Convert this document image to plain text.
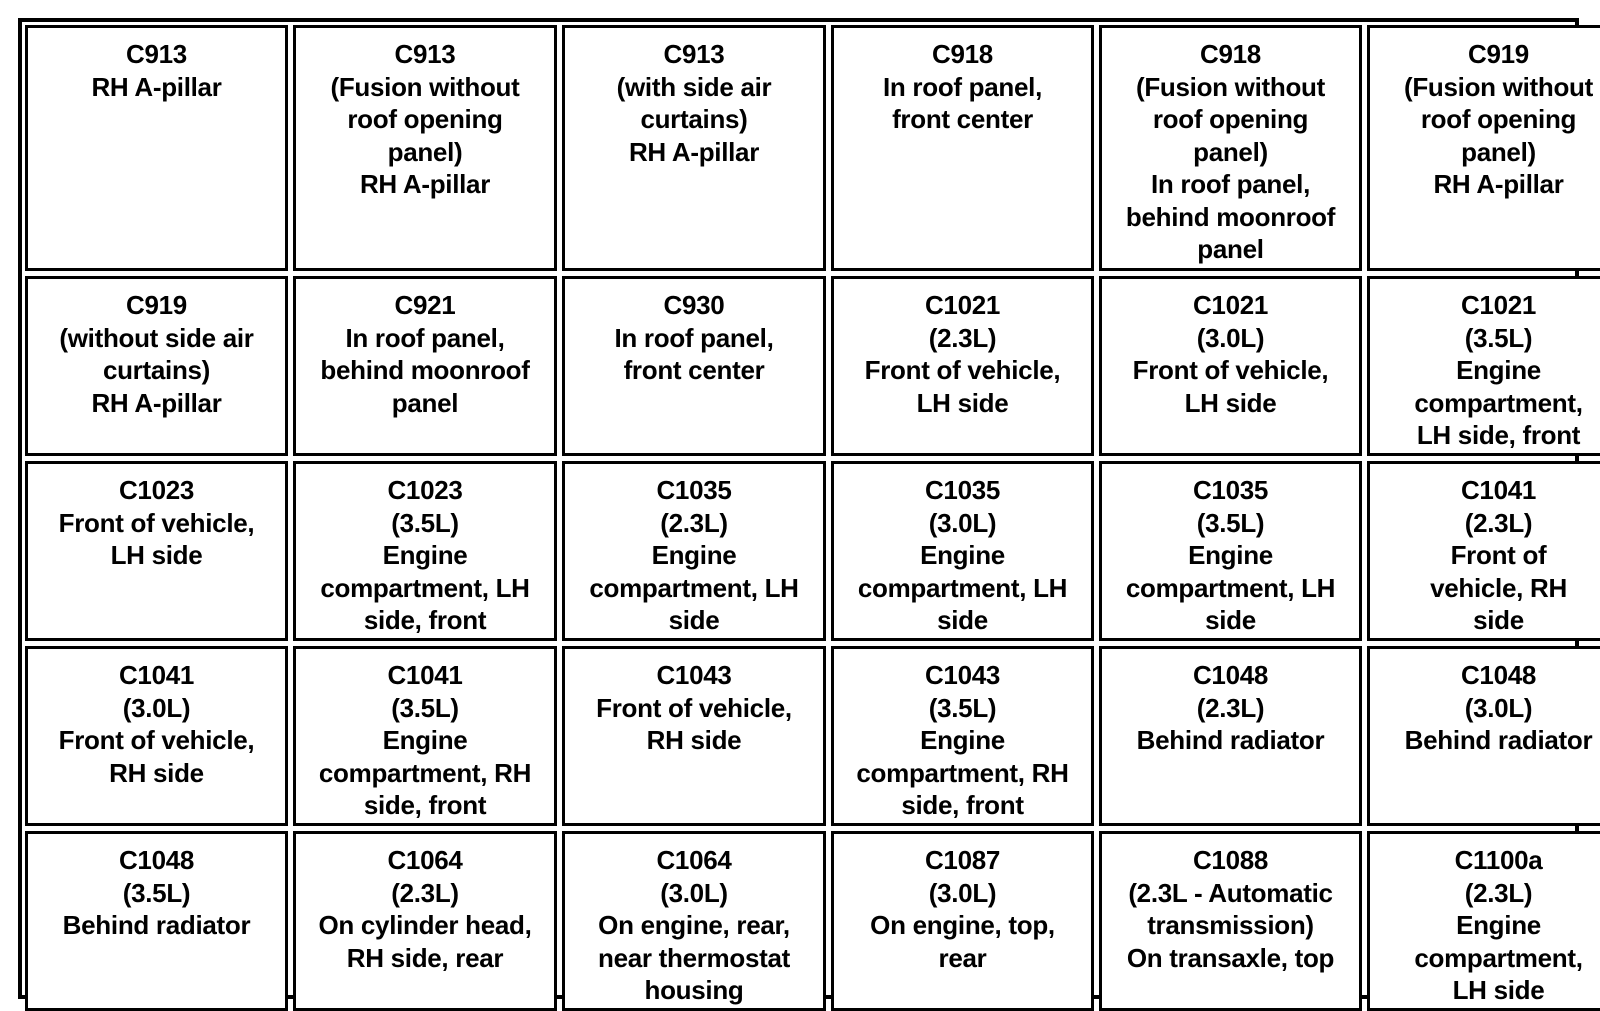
C913
RH A-pillar
C913
(Fusion without
roof opening
panel)
RH A-pillar
C913
(with side air
curtains)
RH A-pillar
C918
In roof panel,
front center
C918
(Fusion without
roof opening
panel)
In roof panel,
behind moonroof
panel
C919
(Fusion without
roof opening
panel)
RH A-pillar
C919
(without side air
curtains)
RH A-pillar
C921
In roof panel,
behind moonroof
panel
C930
In roof panel,
front center
C1021
(2.3L)
Front of vehicle,
LH side
C1021
(3.0L)
Front of vehicle,
LH side
C1021
(3.5L)
Engine
compartment,
LH side, front
C1023
Front of vehicle,
LH side
C1023
(3.5L)
Engine
compartment, LH
side, front
C1035
(2.3L)
Engine
compartment, LH
side
C1035
(3.0L)
Engine
compartment, LH
side
C1035
(3.5L)
Engine
compartment, LH
side
C1041
(2.3L)
Front of
vehicle, RH
side
C1041
(3.0L)
Front of vehicle,
RH side
C1041
(3.5L)
Engine
compartment, RH
side, front
C1043
Front of vehicle,
RH side
C1043
(3.5L)
Engine
compartment, RH
side, front
C1048
(2.3L)
Behind radiator
C1048
(3.0L)
Behind radiator
C1048
(3.5L)
Behind radiator
C1064
(2.3L)
On cylinder head,
RH side, rear
C1064
(3.0L)
On engine, rear,
near thermostat
housing
C1087
(3.0L)
On engine, top,
rear
C1088
(2.3L - Automatic
transmission)
On transaxle, top
C1100a
(2.3L)
Engine
compartment,
LH side
